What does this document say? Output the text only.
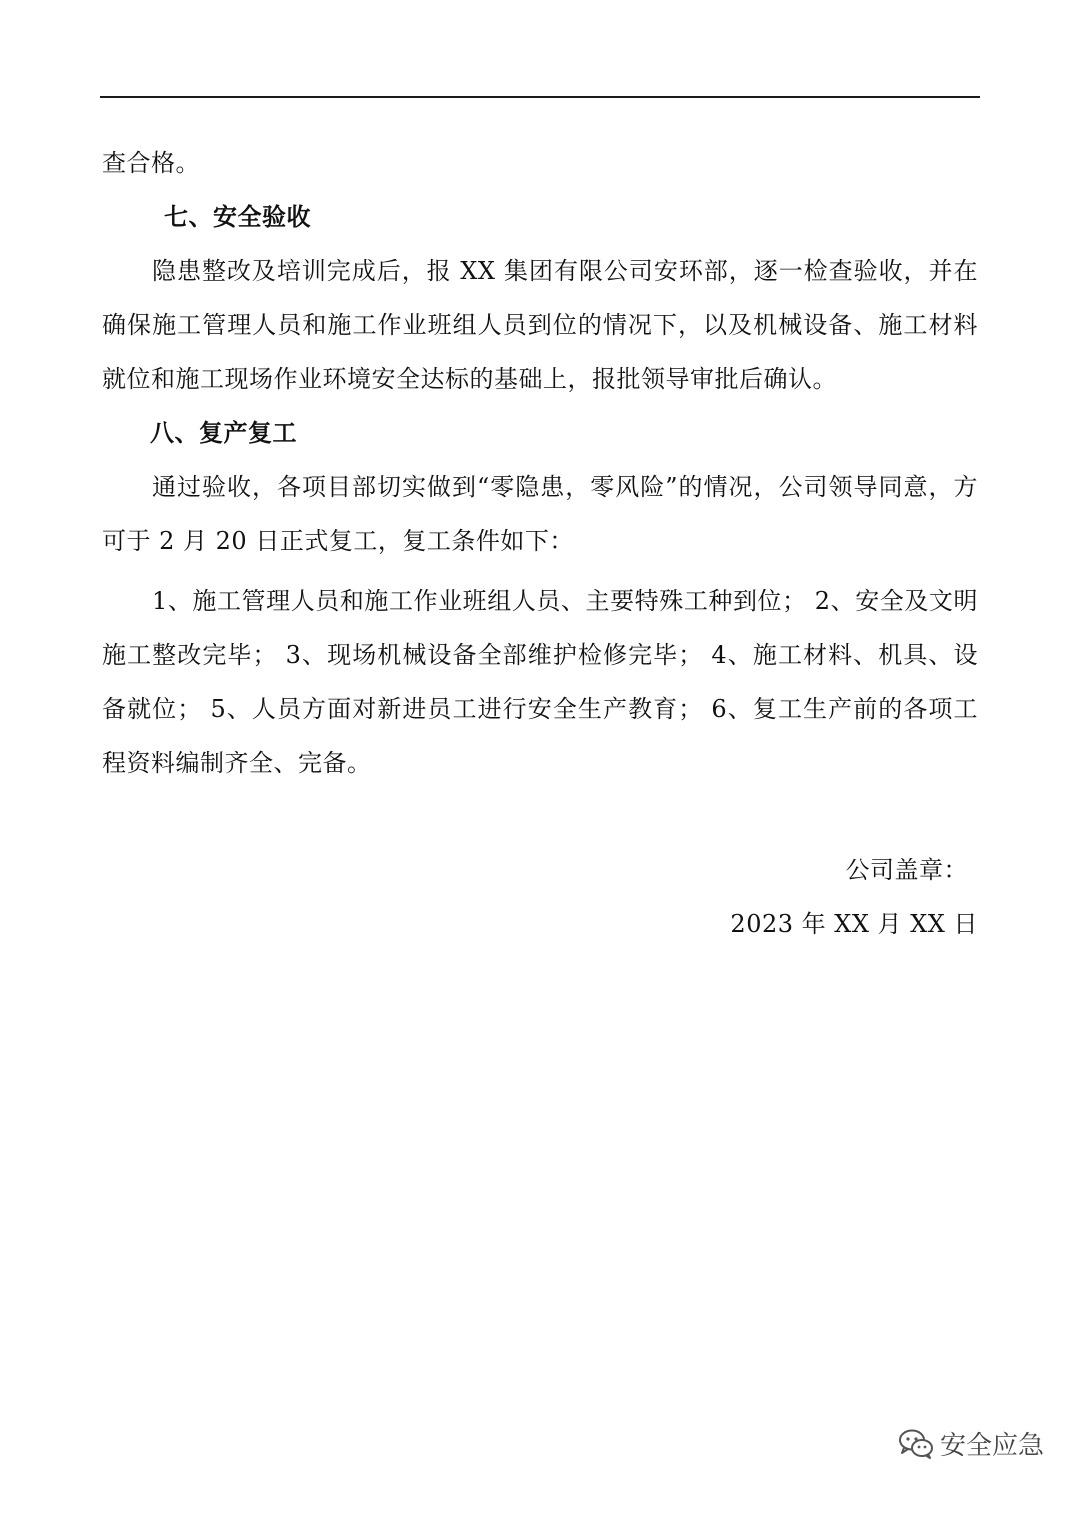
查合格。

七、安全验收

隐患整改及培训完成后，报 XX 集团有限公司安环部，逐一检查验收，并在确保施工管理人员和施工作业班组人员到位的情况下，以及机械设备、施工材料就位和施工现场作业环境安全达标的基础上，报批领导审批后确认。

八、复产复工

通过验收，各项目部切实做到“零隐患，零风险”的情况，公司领导同意，方可于 2 月 20 日正式复工，复工条件如下：

1、施工管理人员和施工作业班组人员、主要特殊工种到位； 2、安全及文明施工整改完毕； 3、现场机械设备全部维护检修完毕； 4、施工材料、机具、设备就位； 5、人员方面对新进员工进行安全生产教育； 6、复工生产前的各项工程资料编制齐全、完备。

公司盖章：

2023 年 XX 月 XX 日

安全应急
